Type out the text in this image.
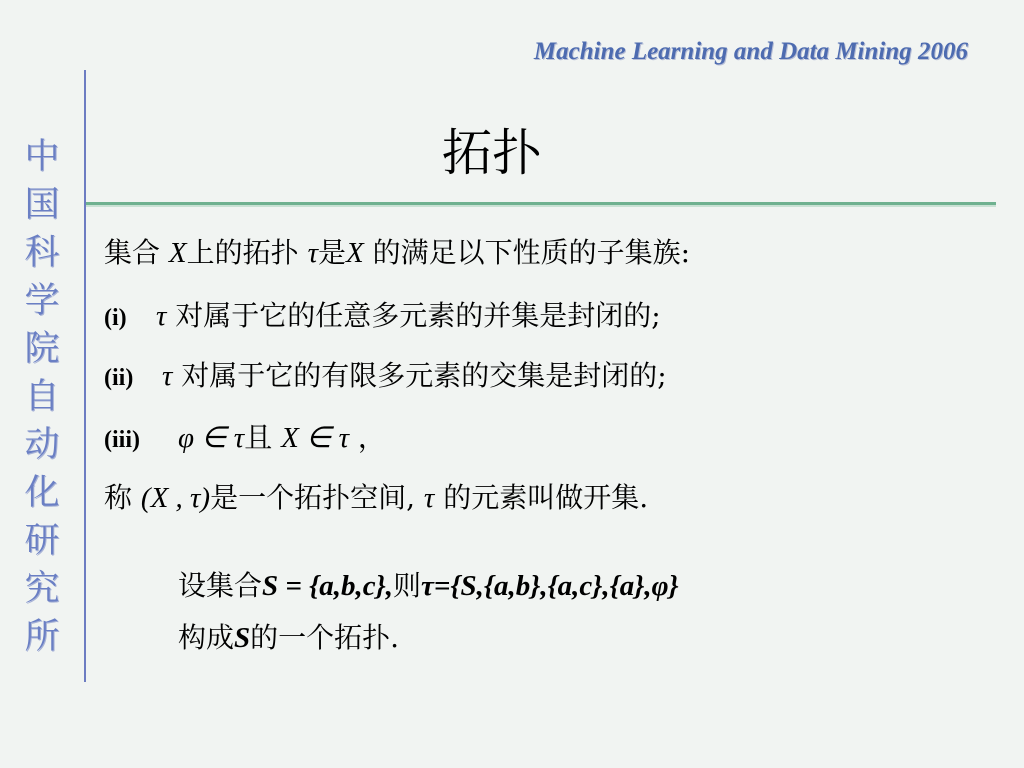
Machine Learning and Data Mining 2006
中
国
科
学
院
自
动
化
研
究
所
拓扑
集合 X上的拓扑 τ是X 的满足以下性质的子集族:
(i) τ 对属于它的任意多元素的并集是封闭的;
(ii) τ 对属于它的有限多元素的交集是封闭的;
(iii) φ ∈ τ且 X ∈ τ ，
称 (X , τ)是一个拓扑空间, τ 的元素叫做开集.
设集合S = {a,b,c},则τ={S,{a,b},{a,c},{a},φ}
构成S的一个拓扑.
